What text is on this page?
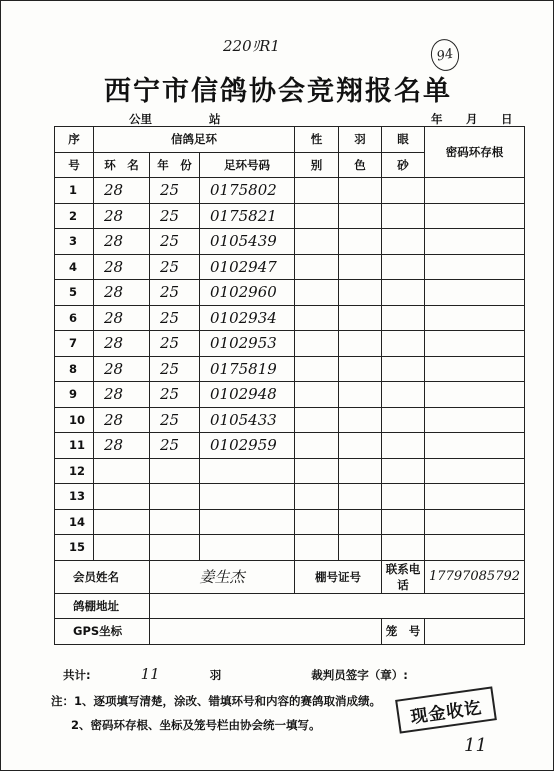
220ﾘR1	94
西宁市信鸽协会竞翔报名单
公里	站	年 月 日
序	信鸽足环			性	羽	眼	密码环存根
号	环　名	年　份	足环号码	别	色	砂	
1	28	25	0175802				
2	28	25	0175821				
3	28	25	0105439				
4	28	25	0102947				
5	28	25	0102960				
6	28	25	0102934				
7	28	25	0102953				
8	28	25	0175819				
9	28	25	0102948				
10	28	25	0105433				
11	28	25	0102959				
12							
13							
14							
15							
会员姓名		姜生杰		棚号证号		联系电话	17797085792
鸽棚地址							
GPS坐标						笼　号	
共计:	11	羽	裁判员签字（章）:
注：1、逐项填写清楚，涂改、错填环号和内容的赛鸽取消成绩。
2、密码环存根、坐标及笼号栏由协会统一填写。	现金收讫
11
